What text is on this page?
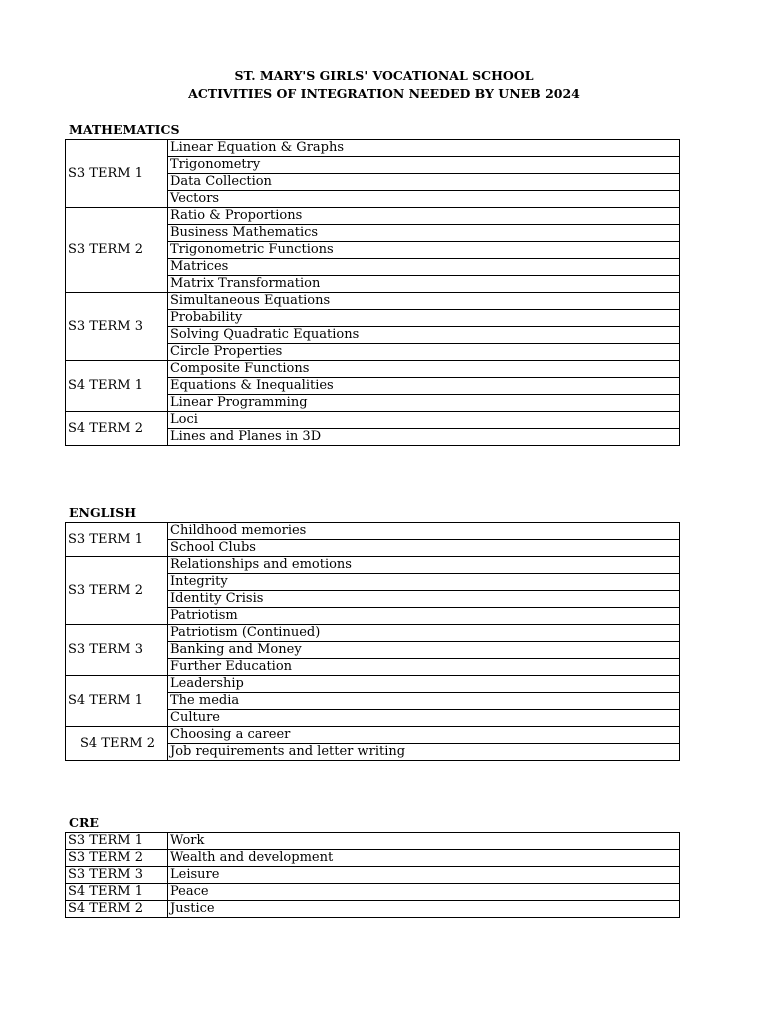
ST. MARY'S GIRLS' VOCATIONAL SCHOOL
ACTIVITIES OF INTEGRATION NEEDED BY UNEB 2024
MATHEMATICS
S3 TERM 1	Linear Equation & Graphs
	Trigonometry
	Data Collection
	Vectors
S3 TERM 2	Ratio & Proportions
	Business Mathematics
	Trigonometric Functions
	Matrices
	Matrix Transformation
S3 TERM 3	Simultaneous Equations
	Probability
	Solving Quadratic Equations
	Circle Properties
S4 TERM 1	Composite Functions
	Equations & Inequalities
	Linear Programming
S4 TERM 2	Loci
	Lines and Planes in 3D
ENGLISH
S3 TERM 1	Childhood memories
	School Clubs
S3 TERM 2	Relationships and emotions
	Integrity
	Identity Crisis
	Patriotism
S3 TERM 3	Patriotism (Continued)
	Banking and Money
	Further Education
S4 TERM 1	Leadership
	The media
	Culture
S4 TERM 2	Choosing a career
	Job requirements and letter writing
CRE
S3 TERM 1	Work
S3 TERM 2	Wealth and development
S3 TERM 3	Leisure
S4 TERM 1	Peace
S4 TERM 2	Justice
